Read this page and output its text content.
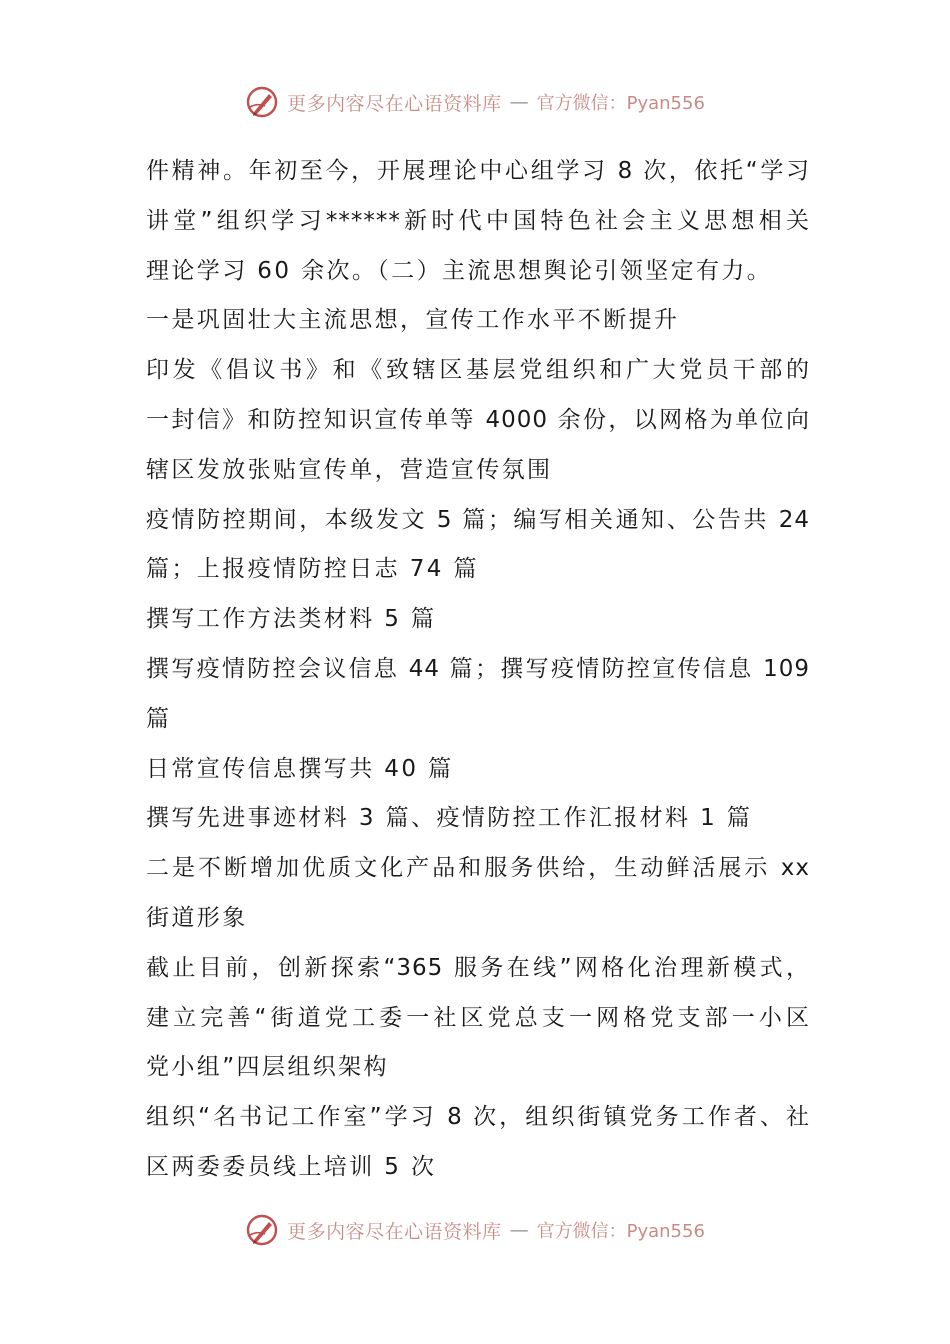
更多内容尽在心语资料库 — 官方微信：Pyan556
件精神。年初至今，开展理论中心组学习 8 次，依托“学习
讲堂”组织学习******新时代中国特色社会主义思想相关
理论学习 60 余次。（二）主流思想舆论引领坚定有力。
一是巩固壮大主流思想，宣传工作水平不断提升
印发《倡议书》和《致辖区基层党组织和广大党员干部的
一封信》和防控知识宣传单等 4000 余份，以网格为单位向
辖区发放张贴宣传单，营造宣传氛围
疫情防控期间，本级发文 5 篇；编写相关通知、公告共 24
篇；上报疫情防控日志 74 篇
撰写工作方法类材料 5 篇
撰写疫情防控会议信息 44 篇；撰写疫情防控宣传信息 109
篇
日常宣传信息撰写共 40 篇
撰写先进事迹材料 3 篇、疫情防控工作汇报材料 1 篇
二是不断增加优质文化产品和服务供给，生动鲜活展示 xx
街道形象
截止目前，创新探索“365 服务在线”网格化治理新模式，
建立完善“街道党工委一社区党总支一网格党支部一小区
党小组”四层组织架构
组织“名书记工作室”学习 8 次，组织街镇党务工作者、社
区两委委员线上培训 5 次
更多内容尽在心语资料库 — 官方微信：Pyan556
